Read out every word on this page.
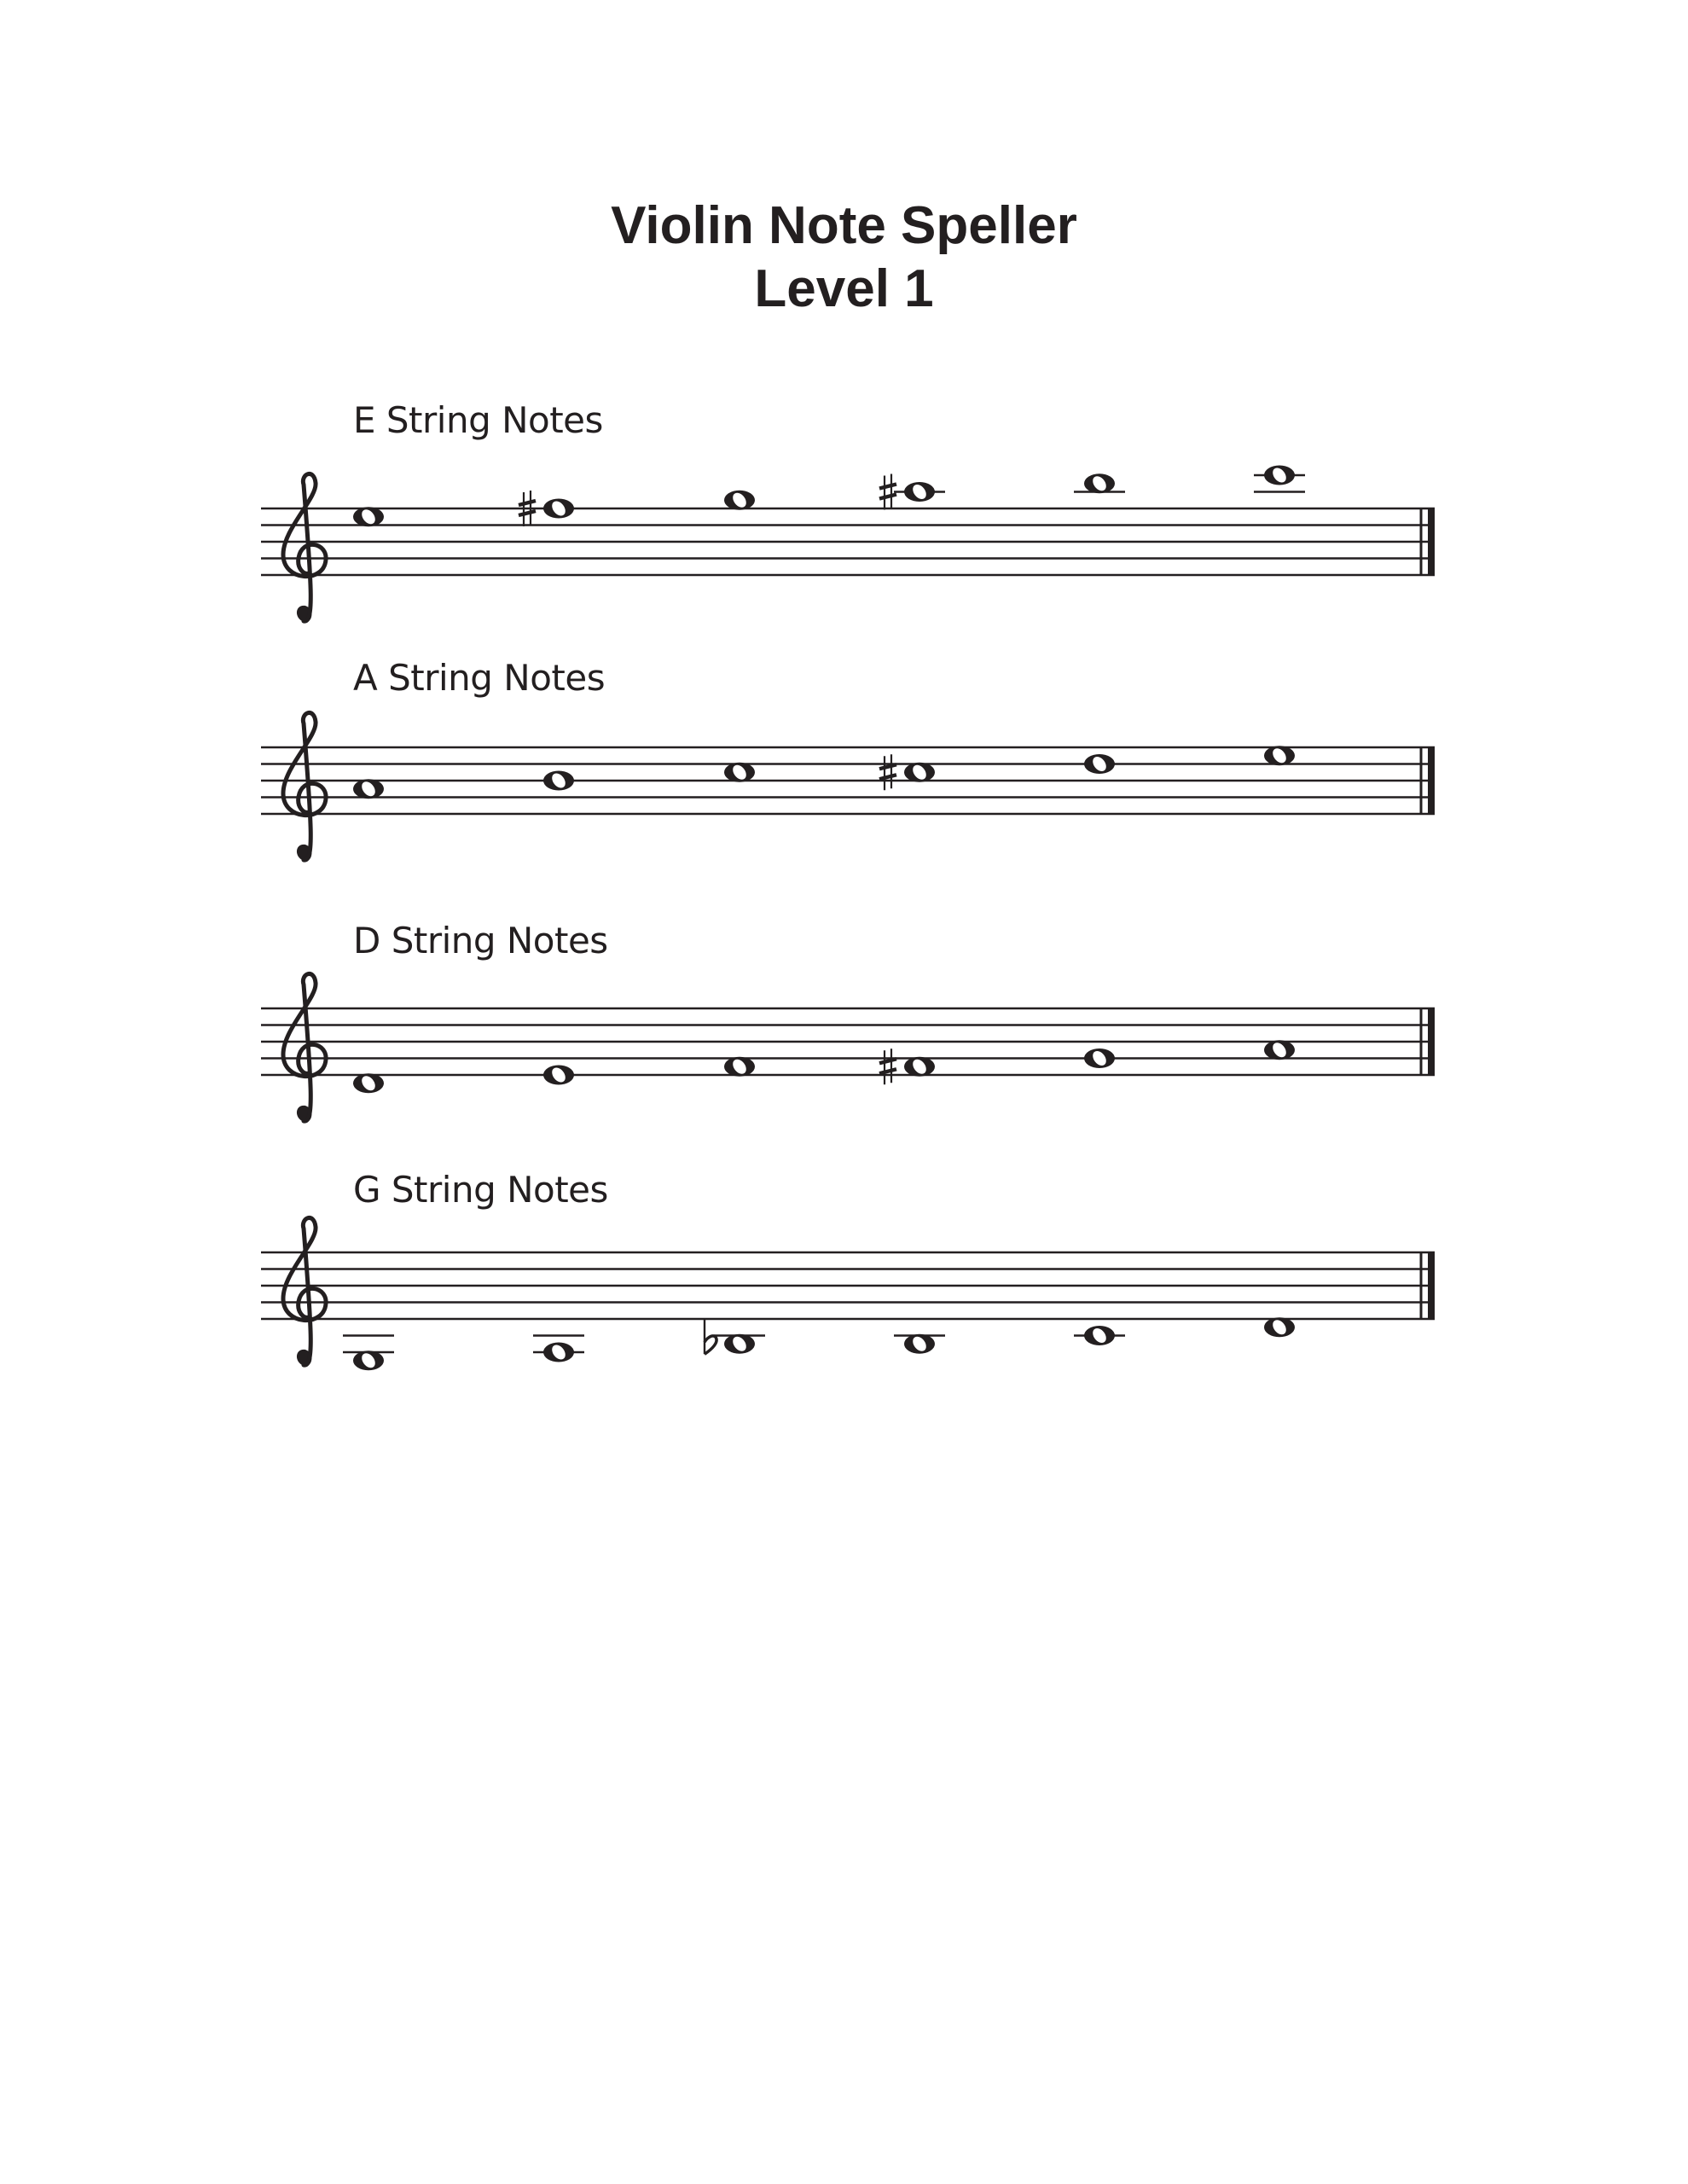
Violin Note Speller
Level 1
E String Notes
A String Notes
D String Notes
G String Notes
